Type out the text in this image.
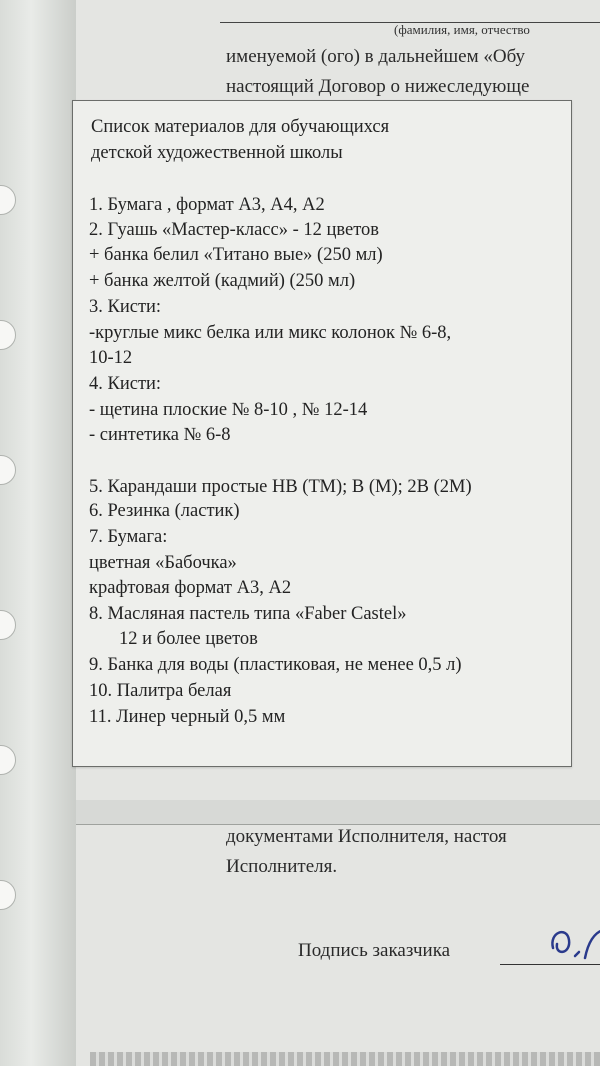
(фамилия, имя, отчество
именуемой (ого) в дальнейшем «Обу
настоящий Договор о нижеследующе
Список материалов для обучающихся
детской художественной школы
1. Бумага , формат А3, А4, А2
2. Гуашь «Мастер-класс» - 12 цветов
+ банка белил «Титано вые» (250 мл)
+ банка желтой (кадмий) (250 мл)
3. Кисти:
-круглые микс белка или микс колонок № 6-8,
10-12
4. Кисти:
- щетина плоские № 8-10 , № 12-14
- синтетика № 6-8
5. Карандаши простые НВ (ТМ); В (М); 2В (2М)
6. Резинка (ластик)
7. Бумага:
цветная «Бабочка»
крафтовая формат А3, А2
8. Масляная пастель типа «Faber Castel»
12 и более цветов
9. Банка для воды (пластиковая, не менее 0,5 л)
10. Палитра белая
11. Линер черный 0,5 мм
документами Исполнителя, настоя
Исполнителя.
Подпись заказчика
